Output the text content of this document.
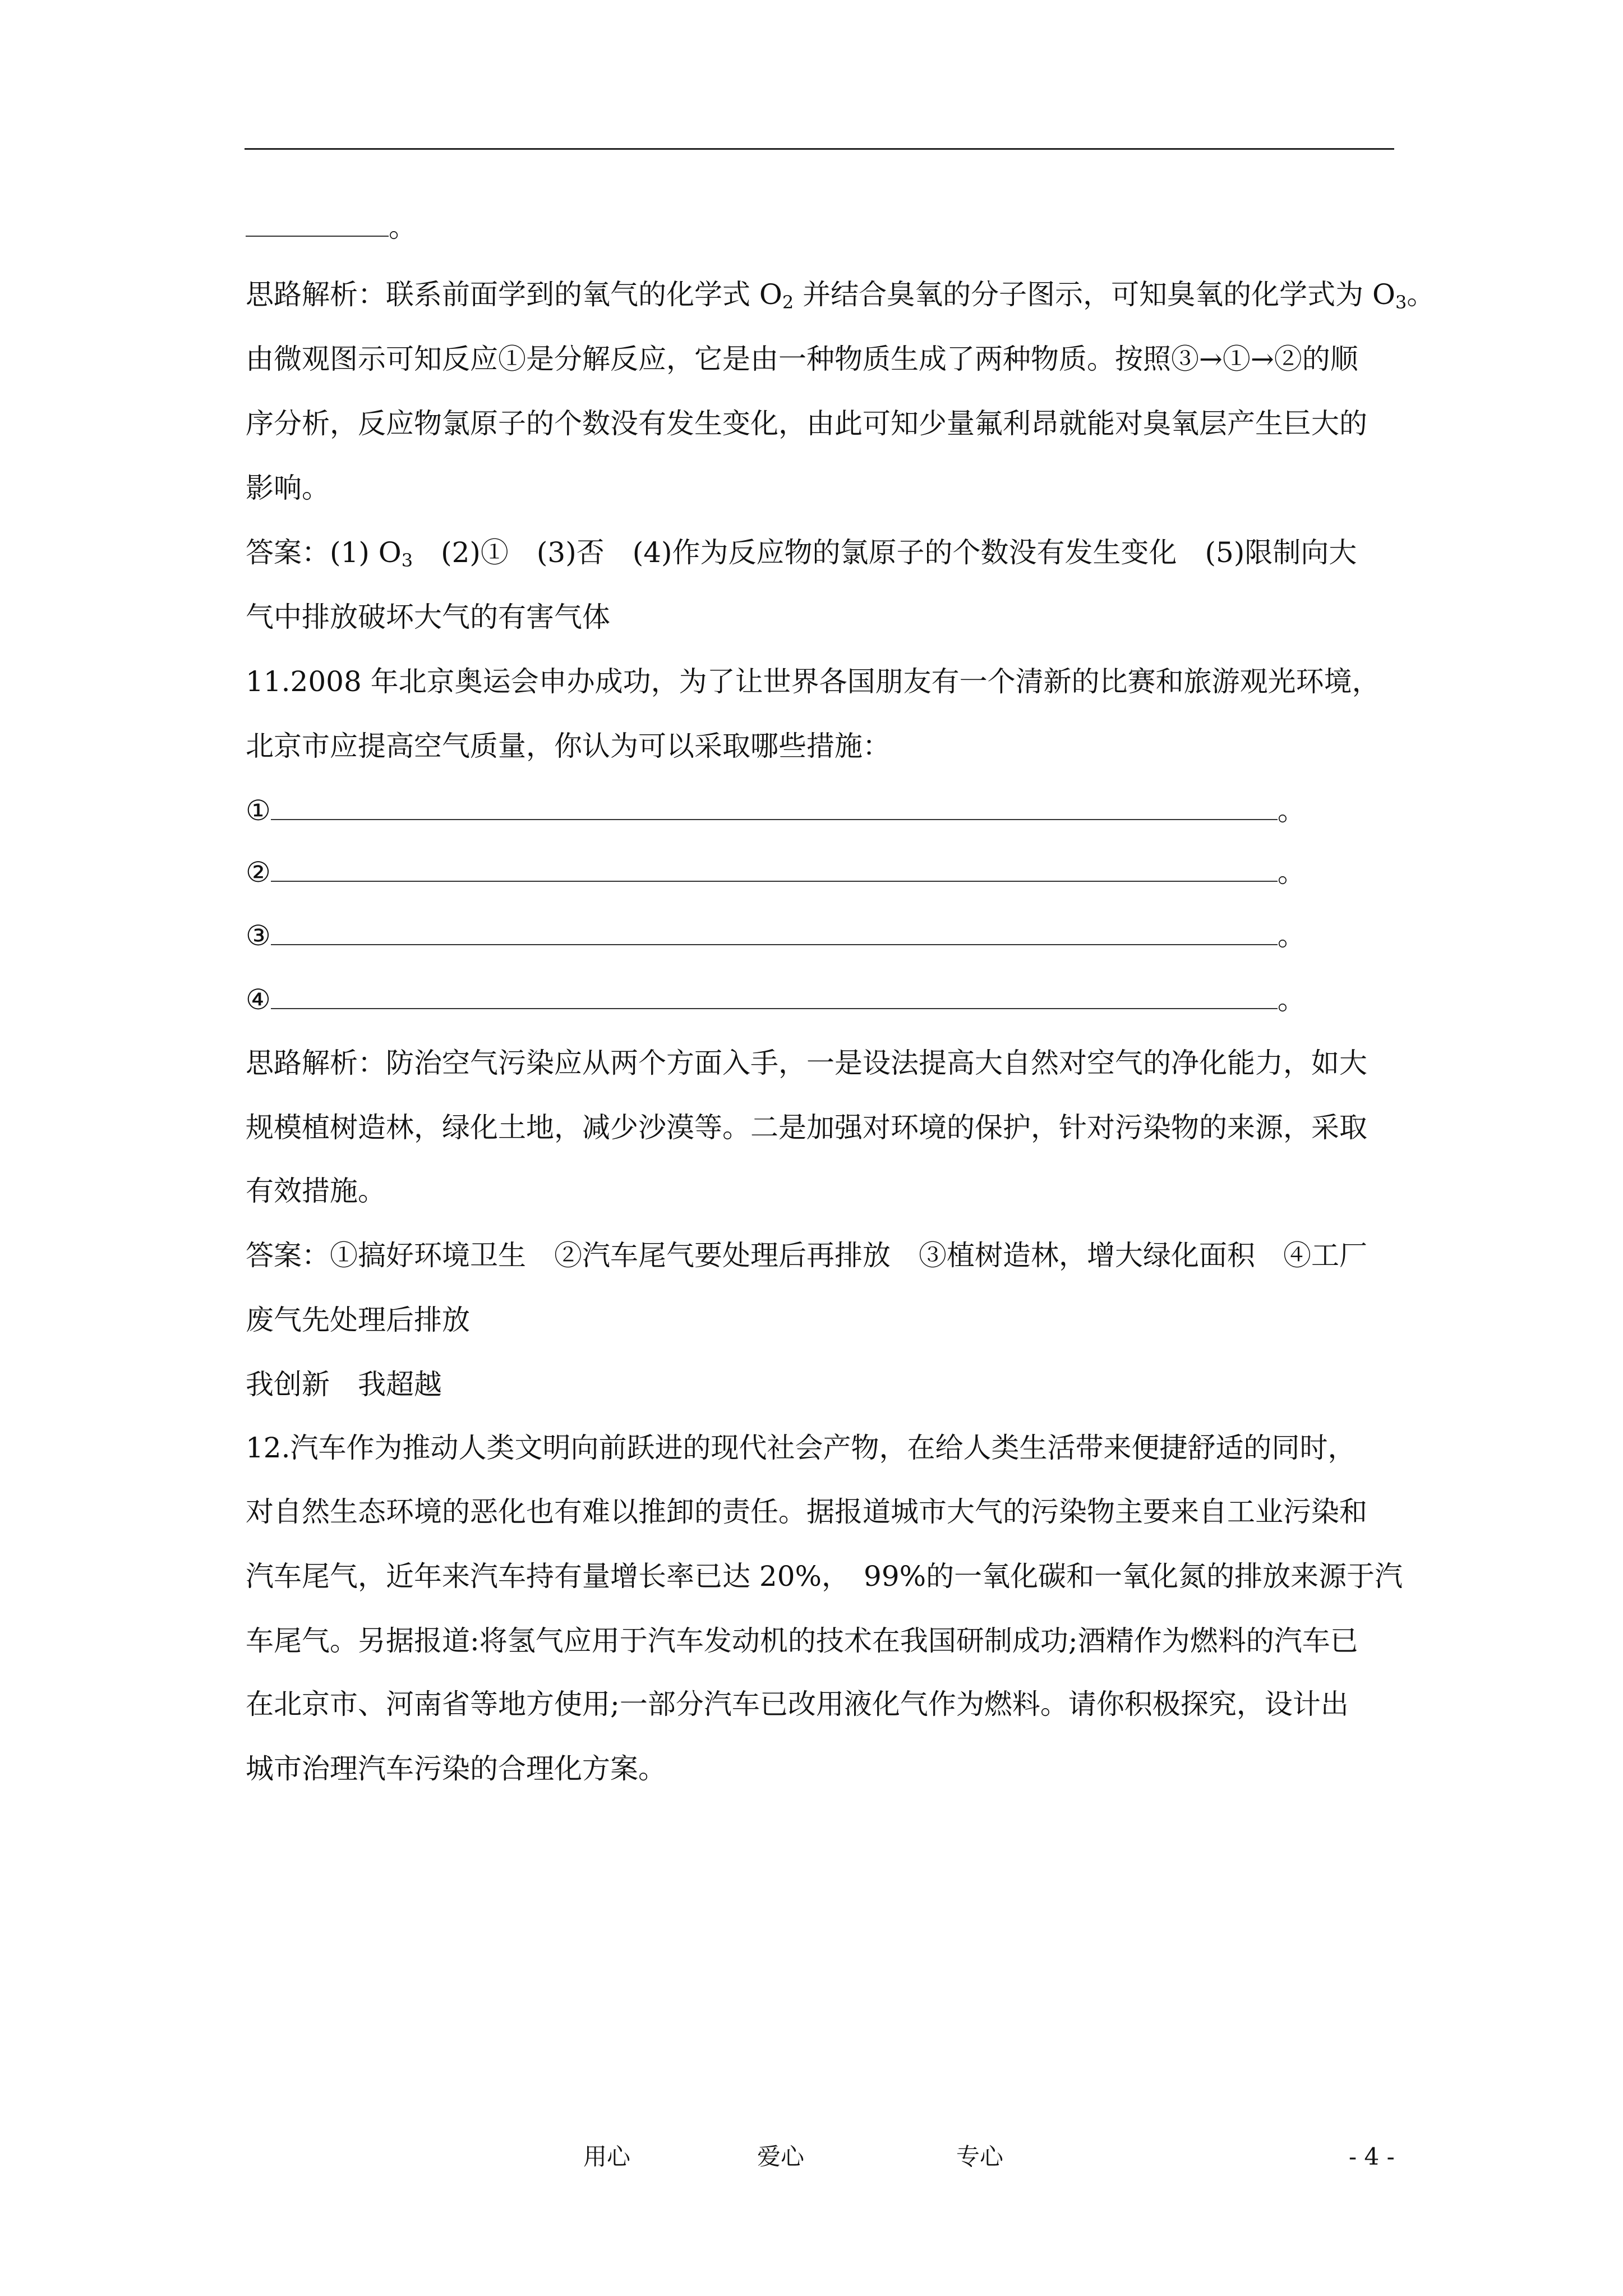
。
思路解析：联系前面学到的氧气的化学式 $O_2$ 并结合臭氧的分子图示，可知臭氧的化学式为 $O_3$。
由微观图示可知反应①是分解反应，它是由一种物质生成了两种物质。按照③→①→②的顺
序分析，反应物氯原子的个数没有发生变化，由此可知少量氟利昂就能对臭氧层产生巨大的
影响。
答案：(1) $O_3$　(2)①　(3)否　(4)作为反应物的氯原子的个数没有发生变化　(5)限制向大
气中排放破坏大气的有害气体
11.2008 年北京奥运会申办成功，为了让世界各国朋友有一个清新的比赛和旅游观光环境，
北京市应提高空气质量，你认为可以采取哪些措施：
①	。
②	。
③	。
④	。
思路解析：防治空气污染应从两个方面入手，一是设法提高大自然对空气的净化能力，如大
规模植树造林，绿化土地，减少沙漠等。二是加强对环境的保护，针对污染物的来源，采取
有效措施。
答案：①搞好环境卫生　②汽车尾气要处理后再排放　③植树造林，增大绿化面积　④工厂
废气先处理后排放
我创新　我超越
12.汽车作为推动人类文明向前跃进的现代社会产物，在给人类生活带来便捷舒适的同时，
对自然生态环境的恶化也有难以推卸的责任。据报道城市大气的污染物主要来自工业污染和
汽车尾气，近年来汽车持有量增长率已达 20%，　99%的一氧化碳和一氧化氮的排放来源于汽
车尾气。另据报道:将氢气应用于汽车发动机的技术在我国研制成功;酒精作为燃料的汽车已
在北京市、河南省等地方使用;一部分汽车已改用液化气作为燃料。请你积极探究，设计出
城市治理汽车污染的合理化方案。
用心	爱心	专心	- 4 -
